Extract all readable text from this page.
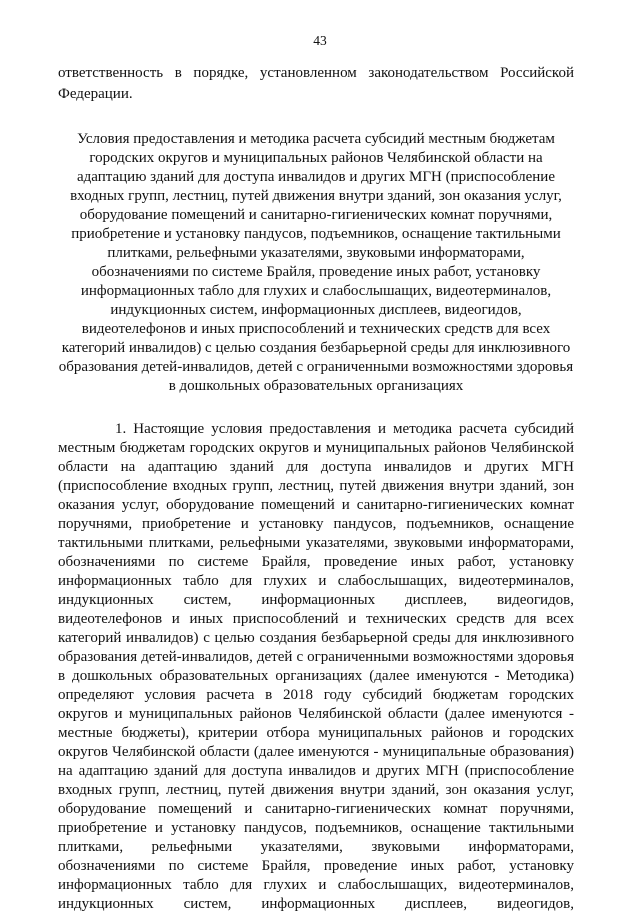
43
ответственность в порядке, установленном законодательством Российской
Федерации.
Условия предоставления и методика расчета субсидий местным бюджетам
городских округов и муниципальных районов Челябинской области на
адаптацию зданий для доступа инвалидов и других МГН (приспособление
входных групп, лестниц, путей движения внутри зданий, зон оказания услуг,
оборудование помещений и санитарно-гигиенических комнат поручнями,
приобретение и установку пандусов, подъемников, оснащение тактильными
плитками, рельефными указателями, звуковыми информаторами,
обозначениями по системе Брайля, проведение иных работ, установку
информационных табло для глухих и слабослышащих, видеотерминалов,
индукционных систем, информационных дисплеев, видеогидов,
видеотелефонов и иных приспособлений и технических средств для всех
категорий инвалидов) с целью создания безбарьерной среды для инклюзивного
образования детей-инвалидов, детей с ограниченными возможностями здоровья
в дошкольных образовательных организациях
1. Настоящие условия предоставления и методика расчета субсидий
местным бюджетам городских округов и муниципальных районов Челябинской
области на адаптацию зданий для доступа инвалидов и других МГН
(приспособление входных групп, лестниц, путей движения внутри зданий, зон
оказания услуг, оборудование помещений и санитарно-гигиенических комнат
поручнями, приобретение и установку пандусов, подъемников, оснащение
тактильными плитками, рельефными указателями, звуковыми информаторами,
обозначениями по системе Брайля, проведение иных работ, установку
информационных табло для глухих и слабослышащих, видеотерминалов,
индукционных систем, информационных дисплеев, видеогидов,
видеотелефонов и иных приспособлений и технических средств для всех
категорий инвалидов) с целью создания безбарьерной среды для инклюзивного
образования детей-инвалидов, детей с ограниченными возможностями здоровья
в дошкольных образовательных организациях (далее именуются - Методика)
определяют условия расчета в 2018 году субсидий бюджетам городских
округов и муниципальных районов Челябинской области (далее именуются -
местные бюджеты), критерии отбора муниципальных районов и городских
округов Челябинской области (далее именуются - муниципальные образования)
на адаптацию зданий для доступа инвалидов и других МГН (приспособление
входных групп, лестниц, путей движения внутри зданий, зон оказания услуг,
оборудование помещений и санитарно-гигиенических комнат поручнями,
приобретение и установку пандусов, подъемников, оснащение тактильными
плитками, рельефными указателями, звуковыми информаторами,
обозначениями по системе Брайля, проведение иных работ, установку
информационных табло для глухих и слабослышащих, видеотерминалов,
индукционных систем, информационных дисплеев, видеогидов,
